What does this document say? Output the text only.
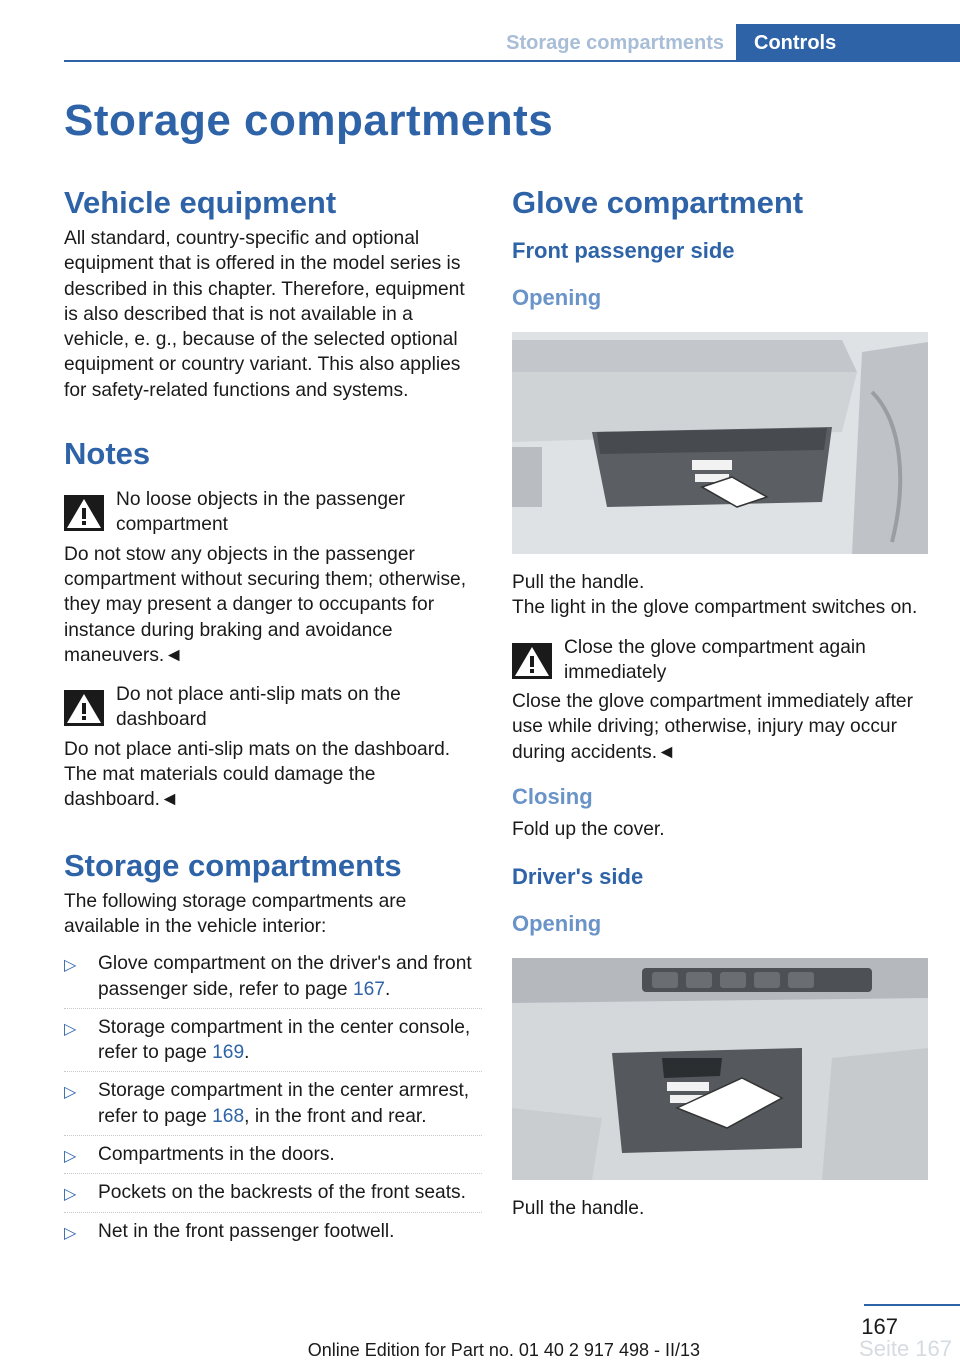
Storage compartments	Controls
Storage compartments
Vehicle equipment

All standard, country-specific and optional equipment that is offered in the model series is described in this chapter. Therefore, equipment is also described that is not available in a vehicle, e. g., because of the selected optional equipment or country variant. This also applies for safety-related functions and systems.

Notes

No loose objects in the passenger compartment

Do not stow any objects in the passenger compartment without securing them; otherwise, they may present a danger to occupants for instance during braking and avoidance maneuvers.◄

Do not place anti-slip mats on the dashboard

Do not place anti-slip mats on the dashboard. The mat materials could damage the dashboard.◄

Storage compartments

The following storage compartments are available in the vehicle interior:

▷ Glove compartment on the driver's and front passenger side, refer to page 167.
▷ Storage compartment in the center console, refer to page 169.
▷ Storage compartment in the center armrest, refer to page 168, in the front and rear.
▷ Compartments in the doors.
▷ Pockets on the backrests of the front seats.
▷ Net in the front passenger footwell.
Glove compartment
Front passenger side
Opening

Pull the handle.

The light in the glove compartment switches on.

Close the glove compartment again immediately

Close the glove compartment immediately after use while driving; otherwise, injury may occur during accidents.◄

Closing

Fold up the cover.

Driver's side
Opening

Pull the handle.

167
Seite 167
Online Edition for Part no. 01 40 2 917 498 - II/13
